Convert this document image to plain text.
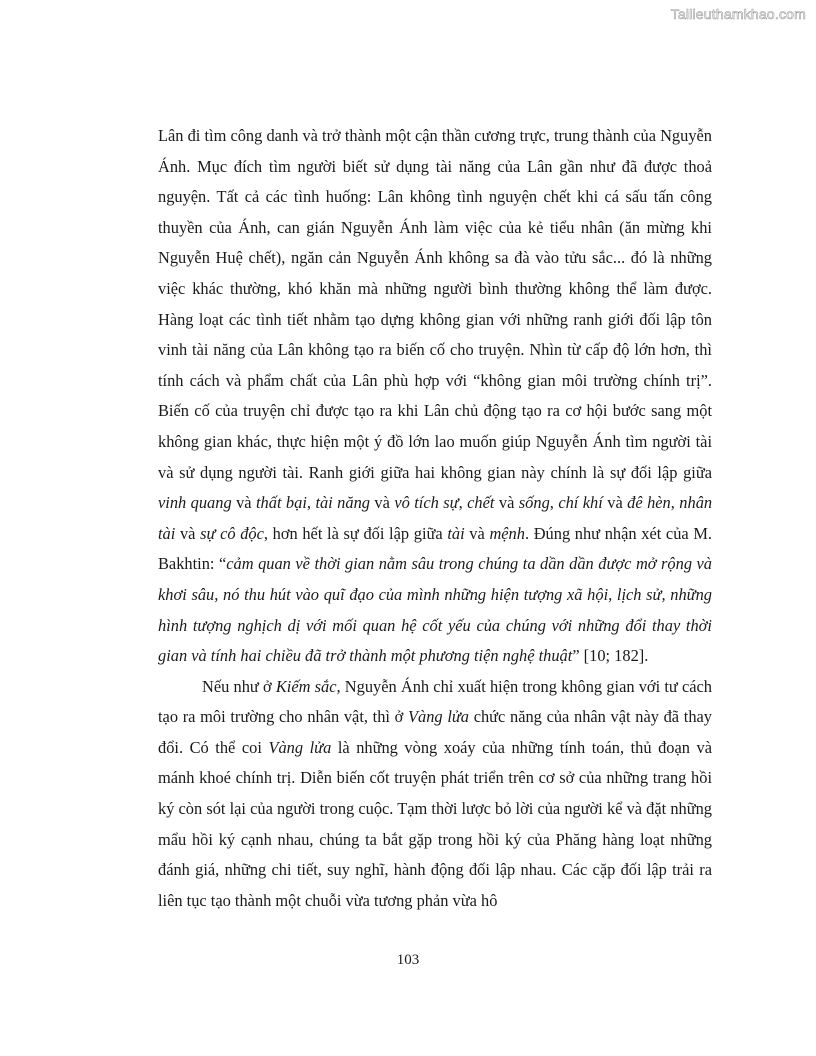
Tailieuthamkhao.com

Lân đi tìm công danh và trở thành một cận thần cương trực, trung thành của Nguyễn Ánh. Mục đích tìm người biết sử dụng tài năng của Lân gần như đã được thoả nguyện. Tất cả các tình huống: Lân không tình nguyện chết khi cá sấu tấn công thuyền của Ánh, can gián Nguyễn Ánh làm việc của kẻ tiểu nhân (ăn mừng khi Nguyễn Huệ chết), ngăn cản Nguyễn Ánh không sa đà vào tửu sắc... đó là những việc khác thường, khó khăn mà những người bình thường không thể làm được. Hàng loạt các tình tiết nhằm tạo dựng không gian với những ranh giới đối lập tôn vinh tài năng của Lân không tạo ra biến cố cho truyện. Nhìn từ cấp độ lớn hơn, thì tính cách và phẩm chất của Lân phù hợp với “không gian môi trường chính trị”. Biến cố của truyện chỉ được tạo ra khi Lân chủ động tạo ra cơ hội bước sang một không gian khác, thực hiện một ý đồ lớn lao muốn giúp Nguyễn Ánh tìm người tài và sử dụng người tài. Ranh giới giữa hai không gian này chính là sự đối lập giữa vinh quang và thất bại, tài năng và vô tích sự, chết và sống, chí khí và đê hèn, nhân tài và sự cô độc, hơn hết là sự đối lập giữa tài và mệnh. Đúng như nhận xét của M. Bakhtin: “cảm quan về thời gian nằm sâu trong chúng ta dần dần được mở rộng và khơi sâu, nó thu hút vào quĩ đạo của mình những hiện tượng xã hội, lịch sử, những hình tượng nghịch dị với mối quan hệ cốt yếu của chúng với những đổi thay thời gian và tính hai chiều đã trở thành một phương tiện nghệ thuật” [10; 182].

Nếu như ở Kiếm sắc, Nguyễn Ánh chỉ xuất hiện trong không gian với tư cách tạo ra môi trường cho nhân vật, thì ở Vàng lửa chức năng của nhân vật này đã thay đổi. Có thể coi Vàng lửa là những vòng xoáy của những tính toán, thủ đoạn và mánh khoé chính trị. Diễn biến cốt truyện phát triển trên cơ sở của những trang hồi ký còn sót lại của người trong cuộc. Tạm thời lược bỏ lời của người kể và đặt những mẩu hồi ký cạnh nhau, chúng ta bắt gặp trong hồi ký của Phăng hàng loạt những đánh giá, những chi tiết, suy nghĩ, hành động đối lập nhau. Các cặp đối lập trải ra liên tục tạo thành một chuỗi vừa tương phản vừa hô

103
